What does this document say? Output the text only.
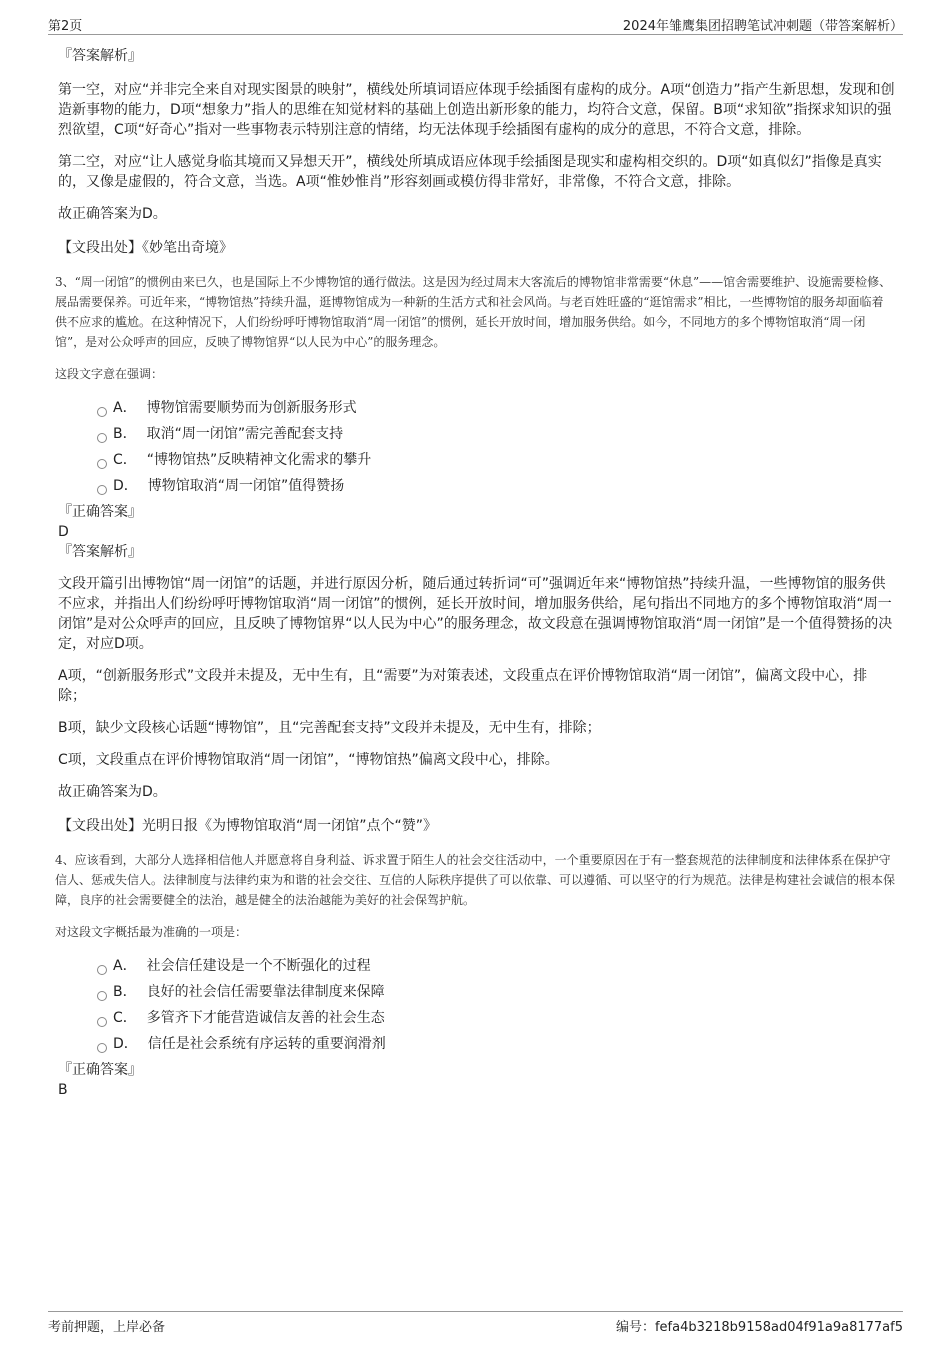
第2页	2024年雏鹰集团招聘笔试冲刺题（带答案解析）
『答案解析』

第一空，对应“并非完全来自对现实图景的映射”，横线处所填词语应体现手绘插图有虚构的成分。A项“创造力”指产生新思想，发现和创造新事物的能力，D项“想象力”指人的思维在知觉材料的基础上创造出新形象的能力，均符合文意，保留。B项“求知欲”指探求知识的强烈欲望，C项“好奇心”指对一些事物表示特别注意的情绪，均无法体现手绘插图有虚构的成分的意思，不符合文意，排除。

第二空，对应“让人感觉身临其境而又异想天开”，横线处所填成语应体现手绘插图是现实和虚构相交织的。D项“如真似幻”指像是真实的，又像是虚假的，符合文意，当选。A项“惟妙惟肖”形容刻画或模仿得非常好，非常像，不符合文意，排除。

故正确答案为D。

【文段出处】《妙笔出奇境》

3、“周一闭馆”的惯例由来已久，也是国际上不少博物馆的通行做法。这是因为经过周末大客流后的博物馆非常需要“休息”——馆舍需要维护、设施需要检修、展品需要保养。可近年来，“博物馆热”持续升温，逛博物馆成为一种新的生活方式和社会风尚。与老百姓旺盛的“逛馆需求”相比，一些博物馆的服务却面临着供不应求的尴尬。在这种情况下，人们纷纷呼吁博物馆取消“周一闭馆”的惯例，延长开放时间，增加服务供给。如今，不同地方的多个博物馆取消“周一闭馆”，是对公众呼声的回应，反映了博物馆界“以人民为中心”的服务理念。

这段文字意在强调：
A． 博物馆需要顺势而为创新服务形式
B． 取消“周一闭馆”需完善配套支持
C． “博物馆热”反映精神文化需求的攀升
D． 博物馆取消“周一闭馆”值得赞扬
『正确答案』
D
『答案解析』

文段开篇引出博物馆“周一闭馆”的话题，并进行原因分析，随后通过转折词“可”强调近年来“博物馆热”持续升温，一些博物馆的服务供不应求，并指出人们纷纷呼吁博物馆取消“周一闭馆”的惯例，延长开放时间，增加服务供给，尾句指出不同地方的多个博物馆取消“周一闭馆”是对公众呼声的回应，且反映了博物馆界“以人民为中心”的服务理念，故文段意在强调博物馆取消“周一闭馆”是一个值得赞扬的决定，对应D项。

A项，“创新服务形式”文段并未提及，无中生有，且“需要”为对策表述，文段重点在评价博物馆取消“周一闭馆”，偏离文段中心，排除；

B项，缺少文段核心话题“博物馆”，且“完善配套支持”文段并未提及，无中生有，排除；

C项，文段重点在评价博物馆取消“周一闭馆”，“博物馆热”偏离文段中心，排除。

故正确答案为D。

【文段出处】光明日报《为博物馆取消“周一闭馆”点个“赞”》

4、应该看到，大部分人选择相信他人并愿意将自身利益、诉求置于陌生人的社会交往活动中，一个重要原因在于有一整套规范的法律制度和法律体系在保护守信人、惩戒失信人。法律制度与法律约束为和谐的社会交往、互信的人际秩序提供了可以依靠、可以遵循、可以坚守的行为规范。法律是构建社会诚信的根本保障，良序的社会需要健全的法治，越是健全的法治越能为美好的社会保驾护航。

对这段文字概括最为准确的一项是：
A． 社会信任建设是一个不断强化的过程
B． 良好的社会信任需要靠法律制度来保障
C． 多管齐下才能营造诚信友善的社会生态
D． 信任是社会系统有序运转的重要润滑剂
『正确答案』
B
考前押题，上岸必备	编号：fefa4b3218b9158ad04f91a9a8177af5
